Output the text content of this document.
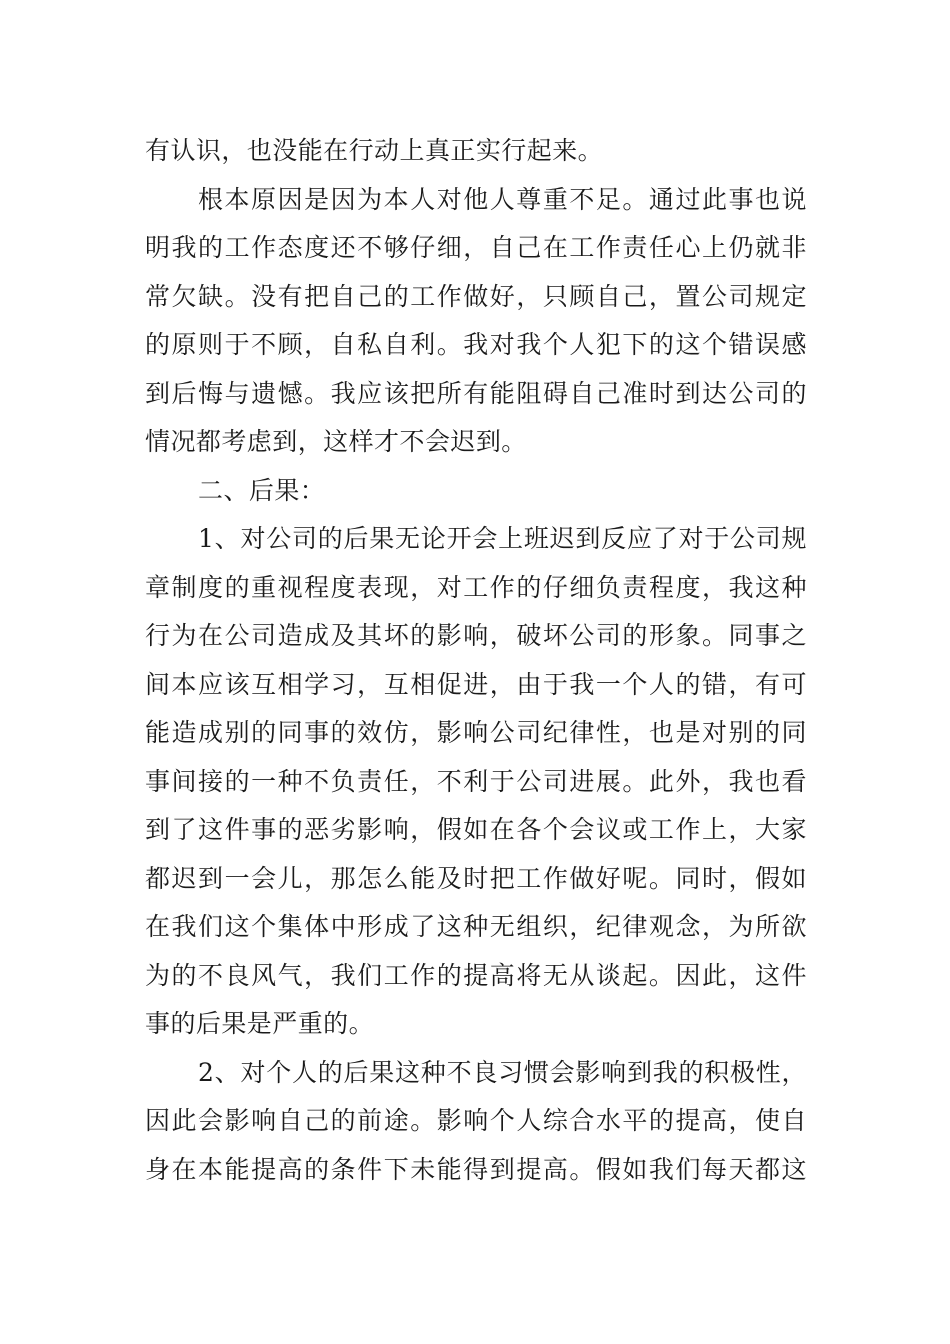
有认识，也没能在行动上真正实行起来。
根本原因是因为本人对他人尊重不足。通过此事也说
明我的工作态度还不够仔细，自己在工作责任心上仍就非
常欠缺。没有把自己的工作做好，只顾自己，置公司规定
的原则于不顾，自私自利。我对我个人犯下的这个错误感
到后悔与遗憾。我应该把所有能阻碍自己准时到达公司的
情况都考虑到，这样才不会迟到。
二、后果：
1、对公司的后果无论开会上班迟到反应了对于公司规
章制度的重视程度表现，对工作的仔细负责程度，我这种
行为在公司造成及其坏的影响，破坏公司的形象。同事之
间本应该互相学习，互相促进，由于我一个人的错，有可
能造成别的同事的效仿，影响公司纪律性，也是对别的同
事间接的一种不负责任，不利于公司进展。此外，我也看
到了这件事的恶劣影响，假如在各个会议或工作上，大家
都迟到一会儿，那怎么能及时把工作做好呢。同时，假如
在我们这个集体中形成了这种无组织，纪律观念，为所欲
为的不良风气，我们工作的提高将无从谈起。因此，这件
事的后果是严重的。
2、对个人的后果这种不良习惯会影响到我的积极性，
因此会影响自己的前途。影响个人综合水平的提高，使自
身在本能提高的条件下未能得到提高。假如我们每天都这
